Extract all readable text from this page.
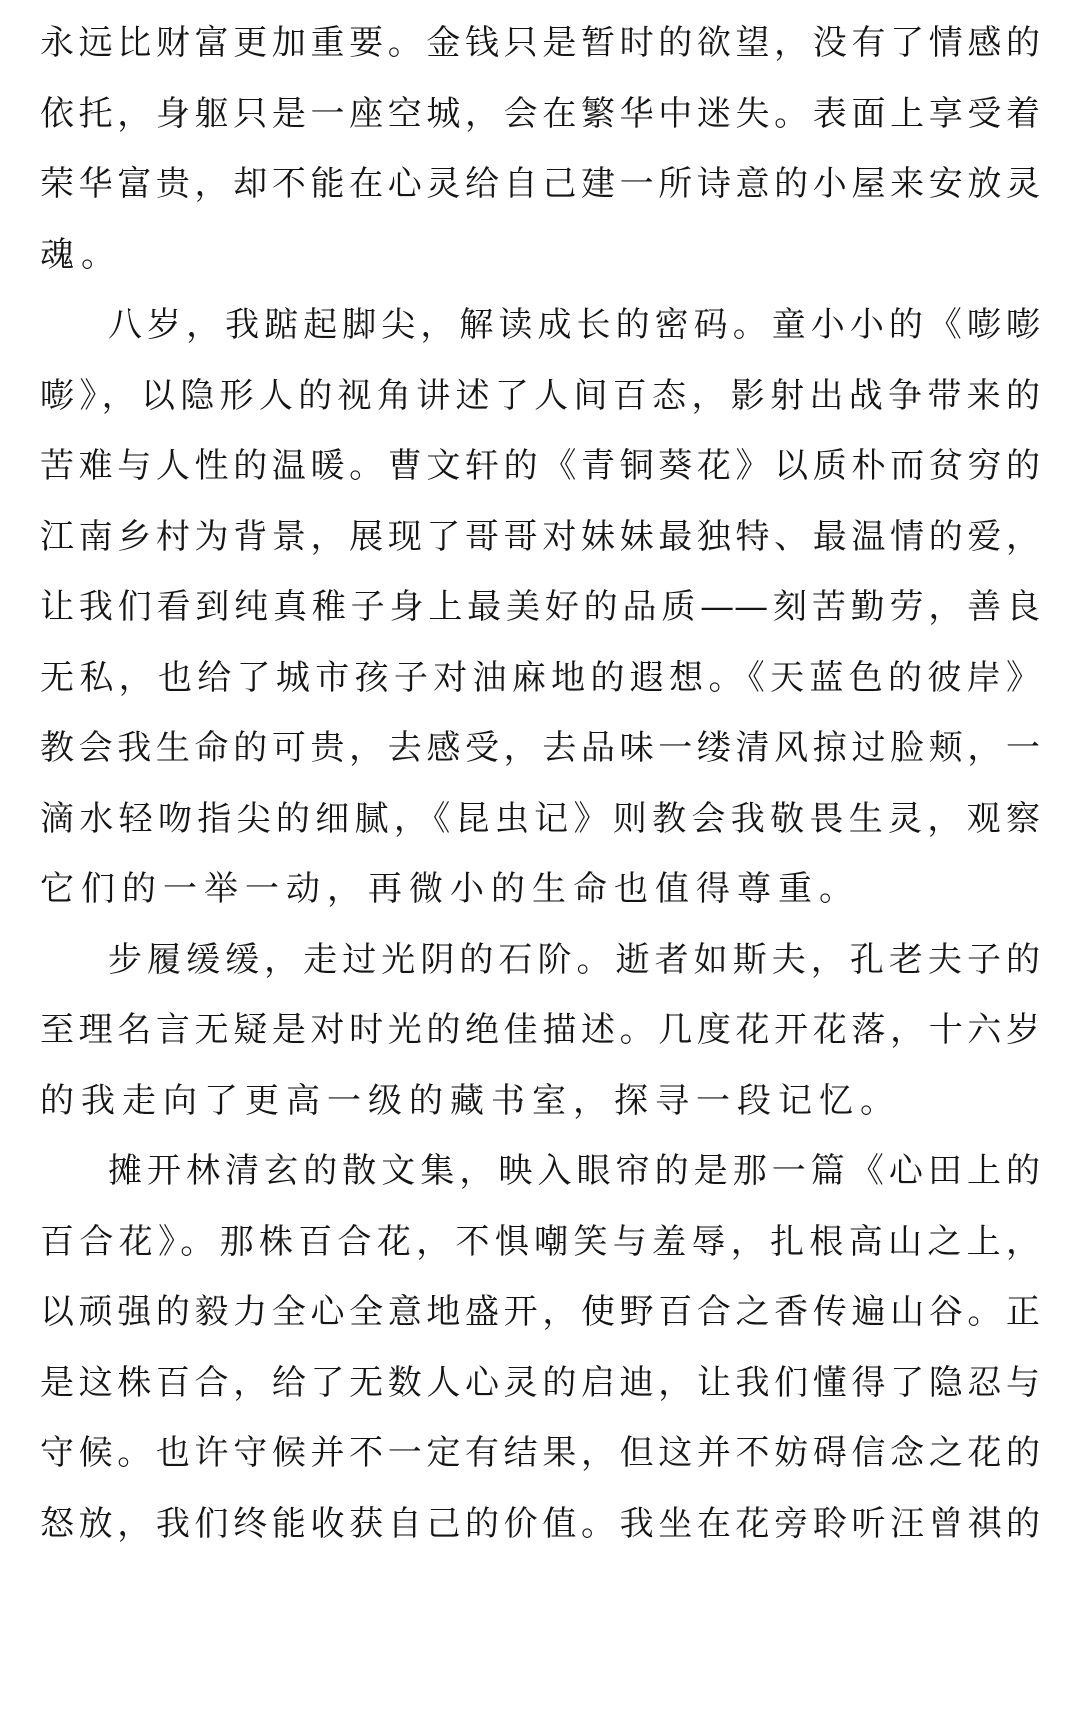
永远比财富更加重要。金钱只是暂时的欲望，没有了情感的
依托，身躯只是一座空城，会在繁华中迷失。表面上享受着
荣华富贵，却不能在心灵给自己建一所诗意的小屋来安放灵
魂。
八岁，我踮起脚尖，解读成长的密码。童小小的《嘭嘭
嘭》，以隐形人的视角讲述了人间百态，影射出战争带来的
苦难与人性的温暖。曹文轩的《青铜葵花》以质朴而贫穷的
江南乡村为背景，展现了哥哥对妹妹最独特、最温情的爱，
让我们看到纯真稚子身上最美好的品质——刻苦勤劳，善良
无私，也给了城市孩子对油麻地的遐想。《天蓝色的彼岸》
教会我生命的可贵，去感受，去品味一缕清风掠过脸颊，一
滴水轻吻指尖的细腻，《昆虫记》则教会我敬畏生灵，观察
它们的一举一动，再微小的生命也值得尊重。
步履缓缓，走过光阴的石阶。逝者如斯夫，孔老夫子的
至理名言无疑是对时光的绝佳描述。几度花开花落，十六岁
的我走向了更高一级的藏书室，探寻一段记忆。
摊开林清玄的散文集，映入眼帘的是那一篇《心田上的
百合花》。那株百合花，不惧嘲笑与羞辱，扎根高山之上，
以顽强的毅力全心全意地盛开，使野百合之香传遍山谷。正
是这株百合，给了无数人心灵的启迪，让我们懂得了隐忍与
守候。也许守候并不一定有结果，但这并不妨碍信念之花的
怒放，我们终能收获自己的价值。我坐在花旁聆听汪曾祺的
